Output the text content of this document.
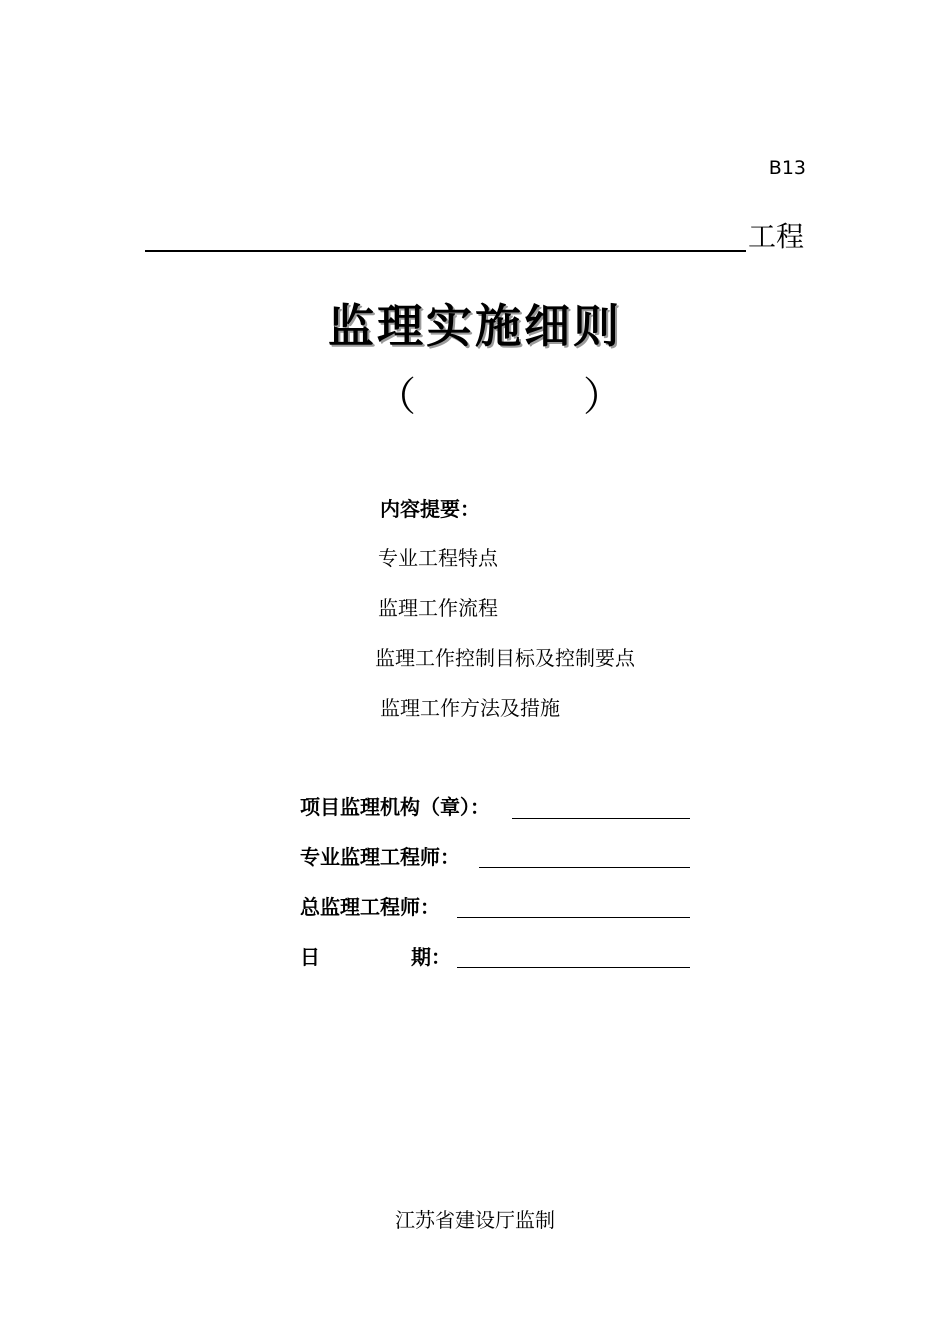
B13
工程
监理实施细则
（	）
内容提要：
专业工程特点
监理工作流程
监理工作控制目标及控制要点
监理工作方法及措施
项目监理机构（章）：
专业监理工程师：
总监理工程师：
日	期：
江苏省建设厅监制
